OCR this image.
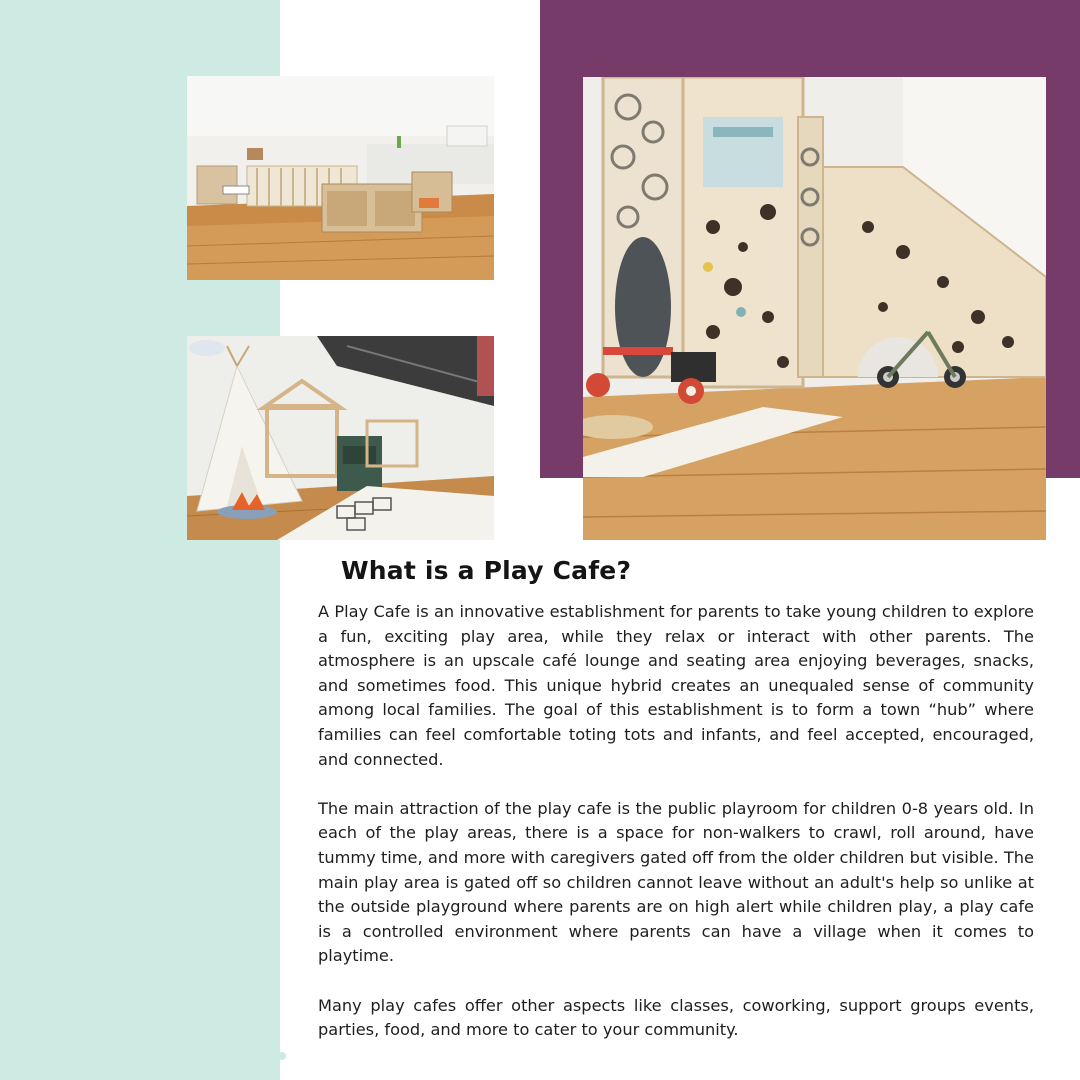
What is a Play Cafe?

A Play Cafe is an innovative establishment for parents to take young children to explore a fun, exciting play area, while they relax or interact with other parents. The atmosphere is an upscale café lounge and seating area enjoying beverages, snacks, and sometimes food. This unique hybrid creates an unequaled sense of community among local families. The goal of this establishment is to form a town “hub” where families can feel comfortable toting tots and infants, and feel accepted, encouraged, and connected.

The main attraction of the play cafe is the public playroom for children 0-8 years old. In each of the play areas, there is a space for non-walkers to crawl, roll around, have tummy time, and more with caregivers gated off from the older children but visible. The main play area is gated off so children cannot leave without an adult's help so unlike at the outside playground where parents are on high alert while children play, a play cafe is a controlled environment where parents can have a village when it comes to playtime.

Many play cafes offer other aspects like classes, coworking, support groups events, parties, food, and more to cater to your community.
